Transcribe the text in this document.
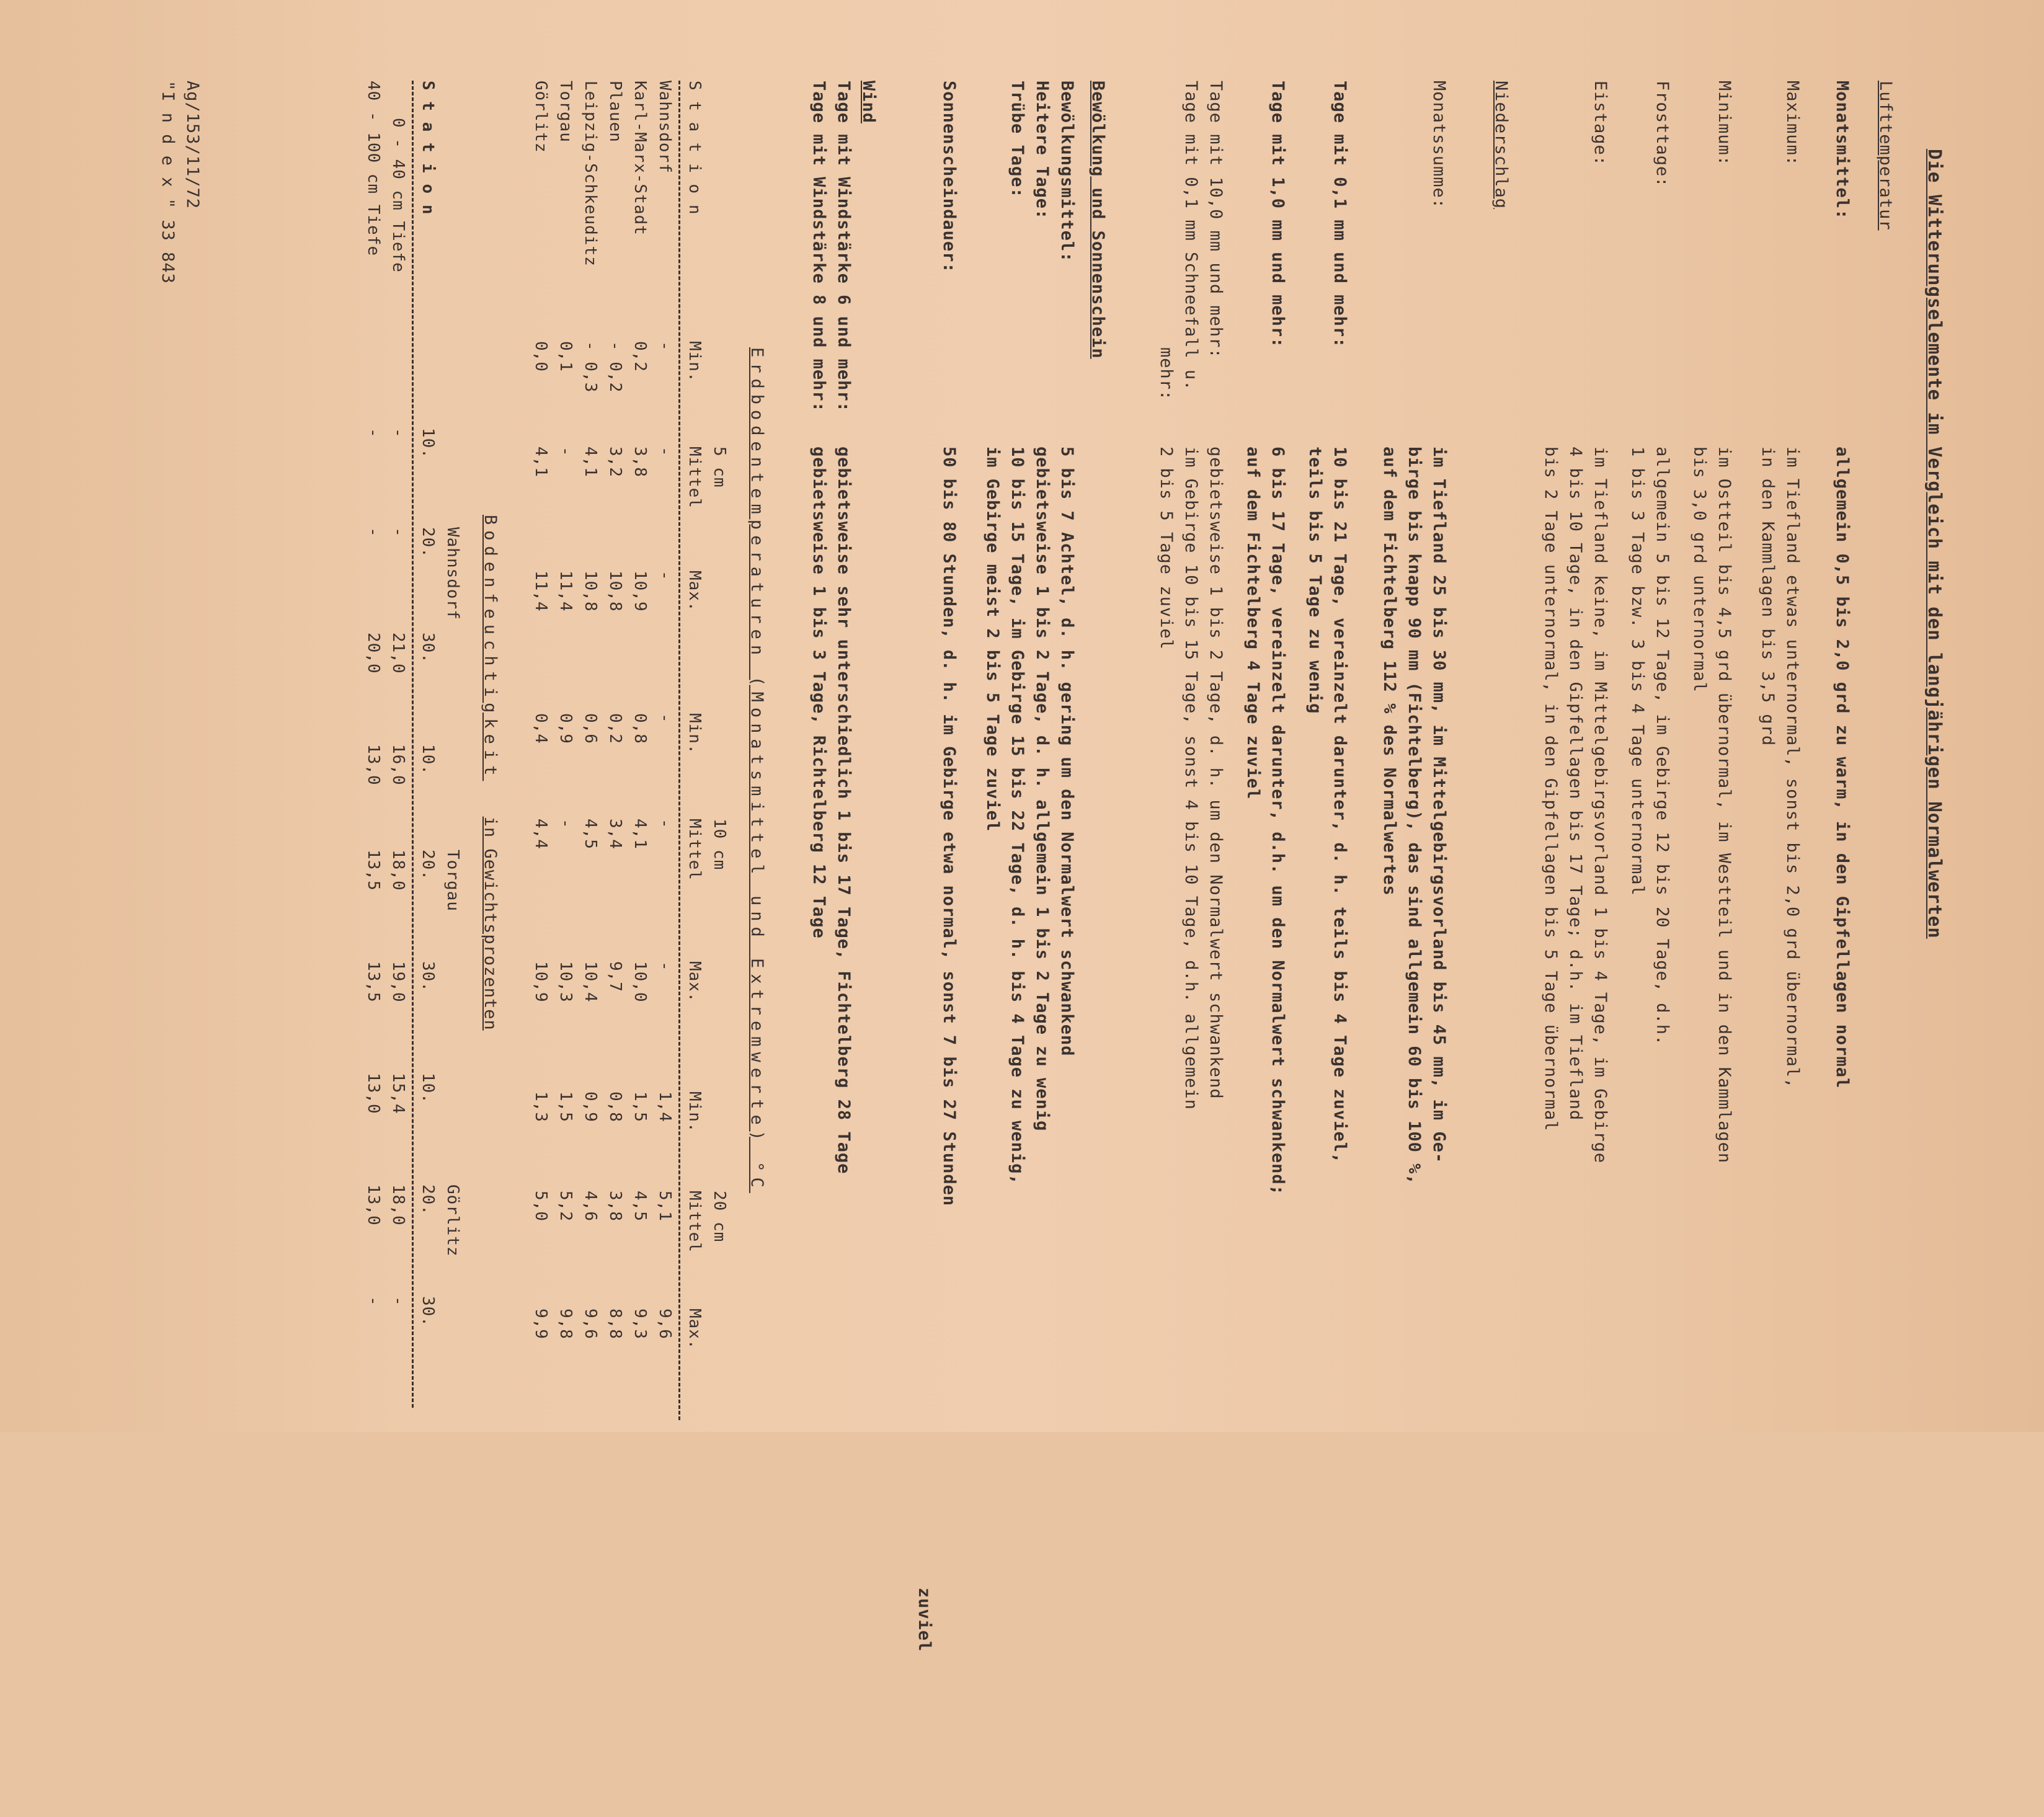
Die Witterungselemente im Vergleich mit den langjährigen Normalwerten
Lufttemperatur
Monatsmittel:
allgemein 0,5 bis 2,0 grd zu warm, in den Gipfellagen normal
Maximum:
im Tiefland etwas unternormal, sonst bis 2,0 grd übernormal,
in den Kammlagen bis 3,5 grd
Minimum:
im Ostteil bis 4,5 grd übernormal, im Westteil und in den Kammlagen
bis 3,0 grd unternormal
Frosttage:
allgemein 5 bis 12 Tage, im Gebirge 12 bis 20 Tage, d.h.
1 bis 3 Tage bzw. 3 bis 4 Tage unternormal
Eistage:
im Tiefland keine, im Mittelgebirgsvorland 1 bis 4 Tage, im Gebirge
4 bis 10 Tage, in den Gipfellagen bis 17 Tage; d.h. im Tiefland
bis 2 Tage unternormal, in den Gipfellagen bis 5 Tage übernormal
Niederschlag
Monatssumme:
im Tiefland 25 bis 30 mm, im Mittelgebirgsvorland bis 45 mm, im Ge-
birge bis knapp 90 mm (Fichtelberg), das sind allgemein 60 bis 100 %,
auf dem Fichtelberg 112 % des Normalwertes
Tage mit 0,1 mm und mehr:
10 bis 21 Tage, vereinzelt darunter, d. h. teils bis 4 Tage zuviel,
teils bis 5 Tage zu wenig
Tage mit 1,0 mm und mehr:
6 bis 17 Tage, vereinzelt darunter, d.h. um den Normalwert schwankend;
auf dem Fichtelberg 4 Tage zuviel
Tage mit 10,0 mm und mehr:
gebietsweise 1 bis 2 Tage, d. h. um den Normalwert schwankend
Tage mit 0,1 mm Schneefall u.
mehr:
im Gebirge 10 bis 15 Tage, sonst 4 bis 10 Tage, d.h. allgemein
2 bis 5 Tage zuviel
Bewölkung und Sonnenschein
Bewölkungsmittel:
5 bis 7 Achtel, d. h. gering um den Normalwert schwankend
Heitere Tage:
gebietsweise 1 bis 2 Tage, d. h. allgemein 1 bis 2 Tage zu wenig
Trübe Tage:
10 bis 15 Tage, im Gebirge 15 bis 22 Tage, d. h. bis 4 Tage zu wenig,
im Gebirge meist 2 bis 5 Tage zuviel
Sonnenscheindauer:
50 bis 80 Stunden, d. h. im Gebirge etwa normal, sonst 7 bis 27 Stunden
zuviel
Wind
Tage mit Windstärke 6 und mehr:
gebietsweise sehr unterschiedlich 1 bis 17 Tage, Fichtelberg 28 Tage
Tage mit Windstärke 8 und mehr:
gebietsweise 1 bis 3 Tage, Richtelberg 12 Tage
Erdbodentemperaturen (Monatsmittel und Extremwerte) °C
		5 cm			10 cm			20 cm	
S t a t i o n	Min.	Mittel	Max.	Min.	Mittel	Max.	Min.	Mittel	Max.

Wahnsdorf	-	-	-	-	-	-	1,4	5,1	9,6
Karl-Marx-Stadt	0,2	3,8	10,9	0,8	4,1	10,0	1,5	4,5	9,3
Plauen	- 0,2	3,2	10,8	0,2	3,4	9,7	0,8	3,8	8,8
Leipzig-Schkeuditz	- 0,3	4,1	10,8	0,6	4,5	10,4	0,9	4,6	9,6
Torgau	0,1	-	11,4	0,9	-	10,3	1,5	5,2	9,8
Görlitz	0,0	4,1	11,4	0,4	4,4	10,9	1,3	5,0	9,9
Bodenfeuchtigkeit in Gewichtsprozenten
		Wahnsdorf			Torgau			Görlitz	
S t a t i o n	10.	20.	30.	10.	20.	30.	10.	20.	30.

0 - 40 cm Tiefe	-	-	21,0	16,0	18,0	19,0	15,4	18,0	-
40 - 100 cm Tiefe	-	-	20,0	13,0	13,5	13,5	13,0	13,0	-
Ag/153/11/72
"I n d e x " 33 843
